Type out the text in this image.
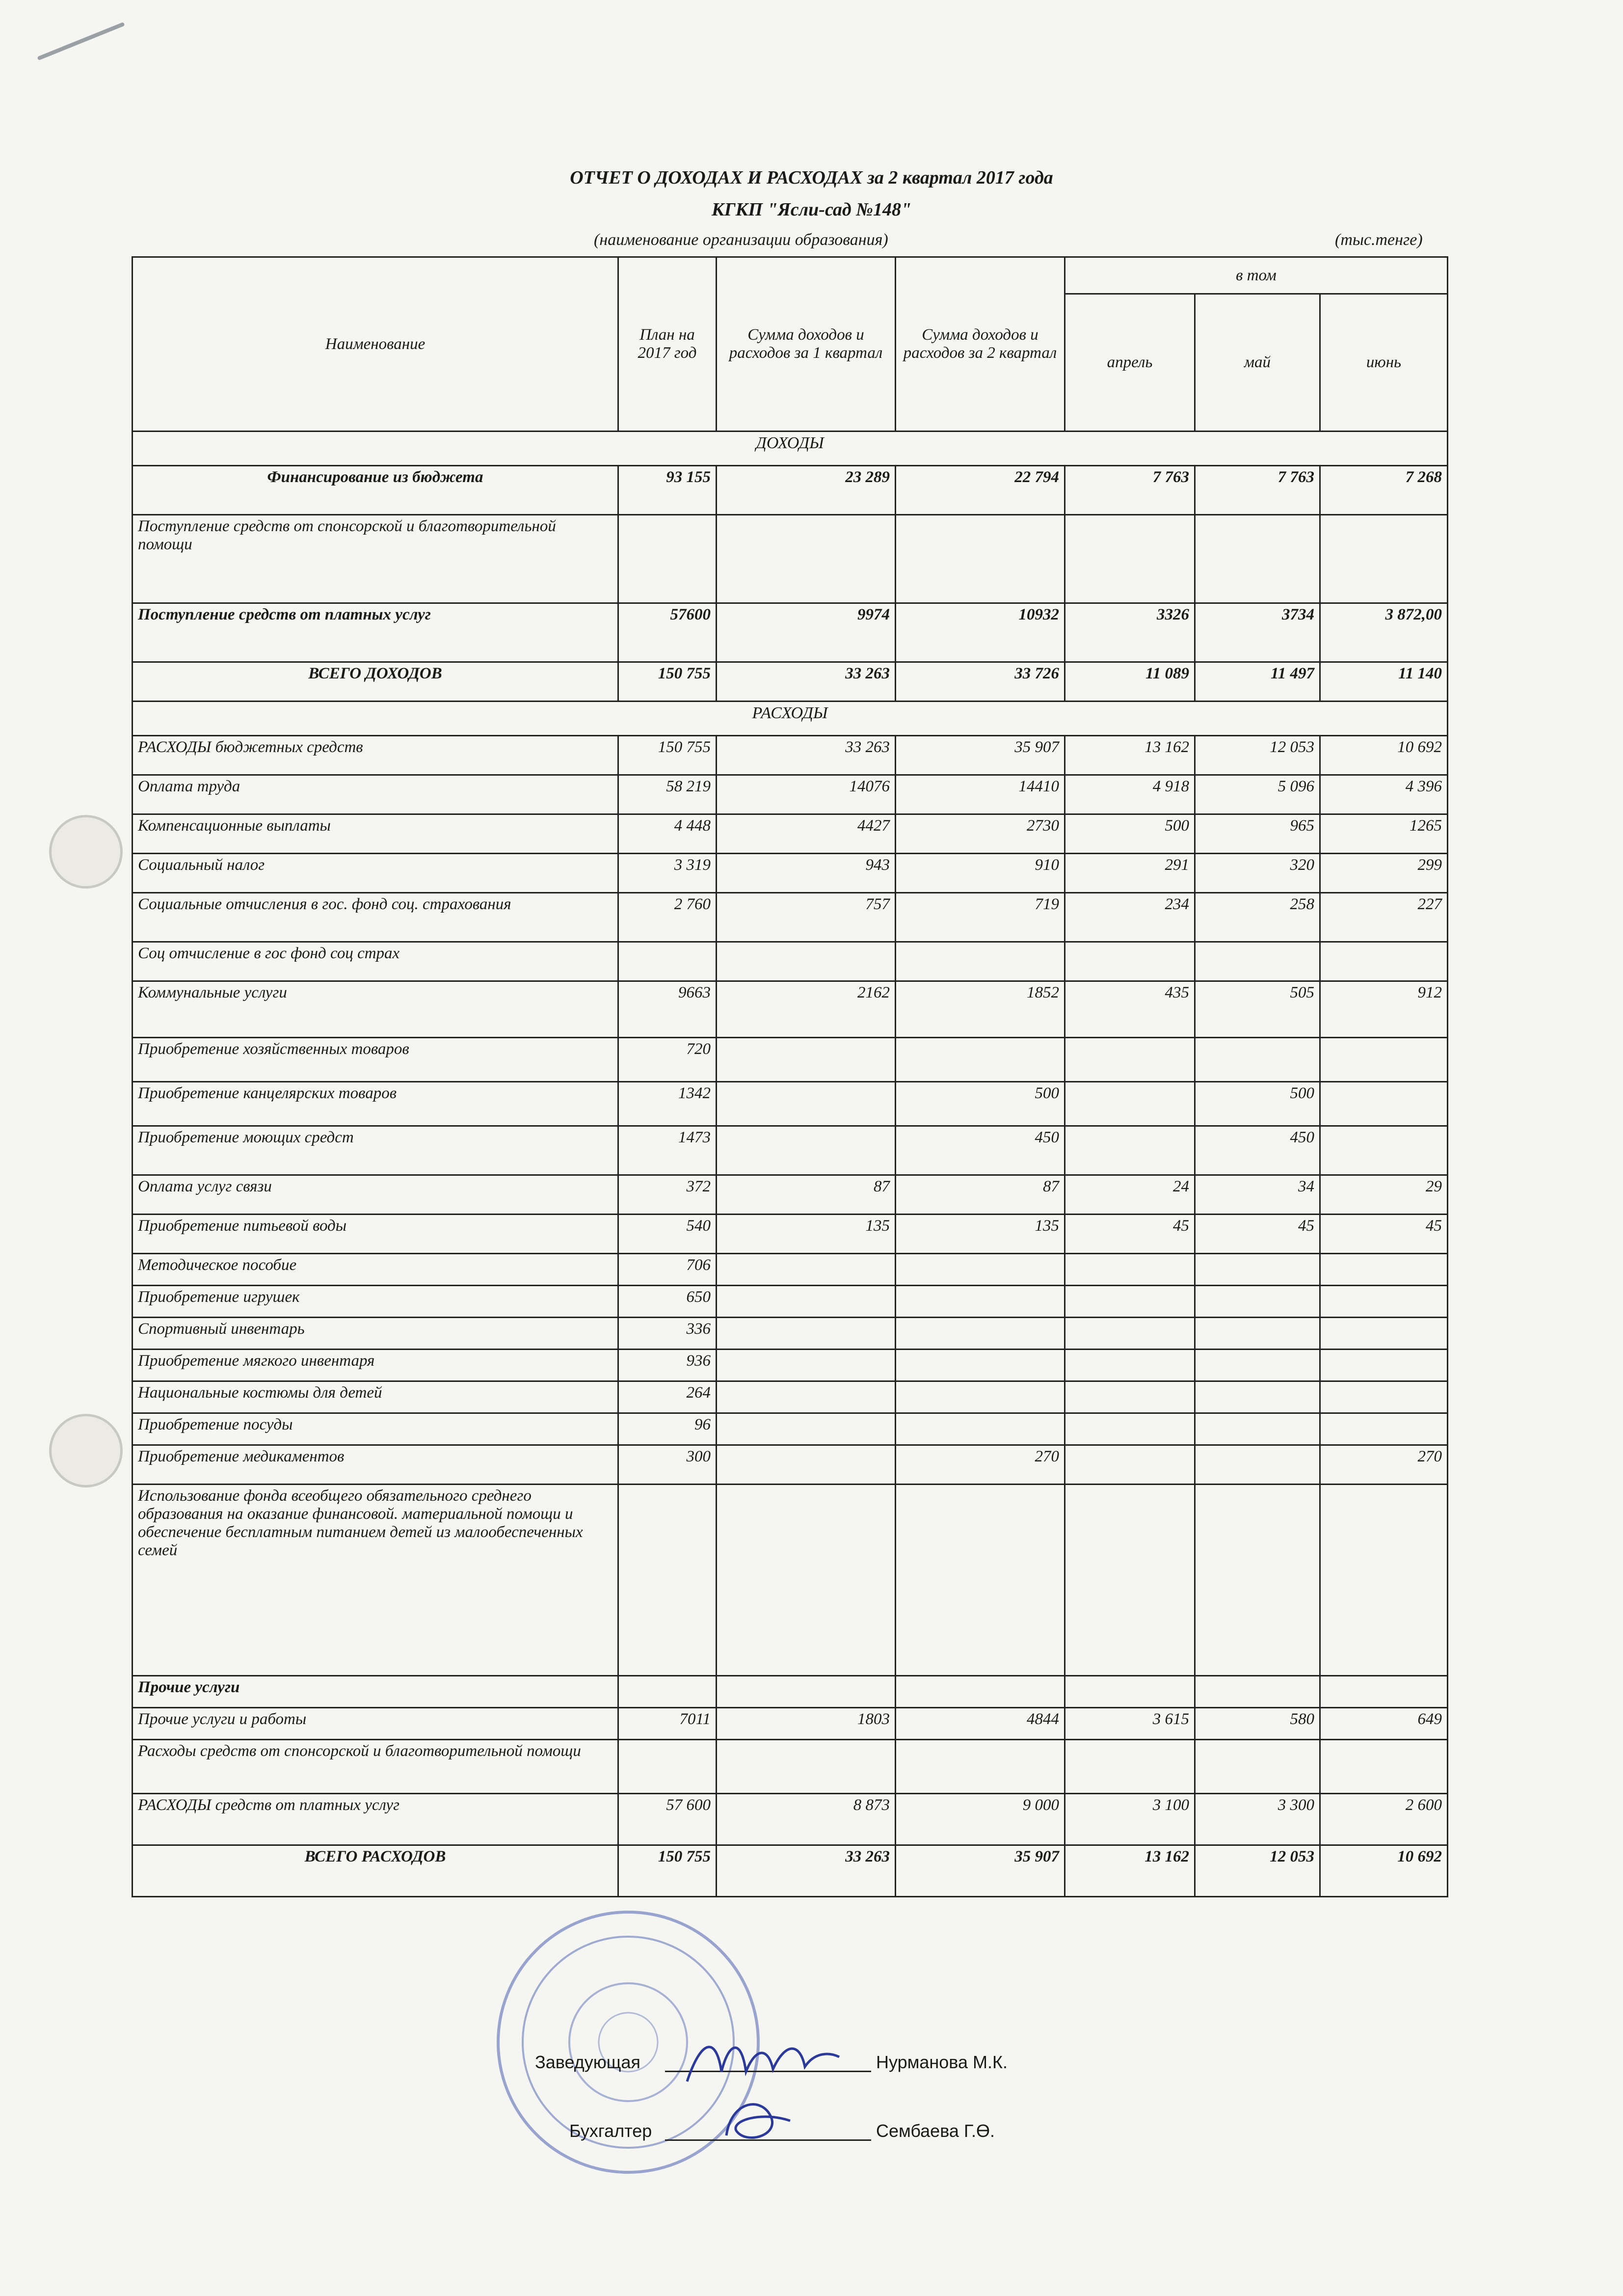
ОТЧЕТ О ДОХОДАХ И РАСХОДАХ за 2 квартал 2017 года
КГКП "Ясли-сад №148"
(наименование организации образования)	(тыс.тенге)
Наименование	План на 2017 год	Сумма доходов и расходов за 1 квартал	Сумма доходов и расходов за 2 квартал	в том		
				апрель	май	июнь
ДОХОДЫ						
Финансирование из бюджета	93 155	23 289	22 794	7 763	7 763	7 268
Поступление средств от спонсорской и благотворительной помощи						
Поступление средств от платных услуг	57600	9974	10932	3326	3734	3 872,00
ВСЕГО ДОХОДОВ	150 755	33 263	33 726	11 089	11 497	11 140
РАСХОДЫ						
РАСХОДЫ бюджетных средств	150 755	33 263	35 907	13 162	12 053	10 692
Оплата труда	58 219	14076	14410	4 918	5 096	4 396
Компенсационные выплаты	4 448	4427	2730	500	965	1265
Социальный налог	3 319	943	910	291	320	299
Социальные отчисления в гос. фонд соц. страхования	2 760	757	719	234	258	227
Соц отчисление в гос фонд соц страх						
Коммунальные услуги	9663	2162	1852	435	505	912
Приобретение хозяйственных товаров	720					
Приобретение канцелярских товаров	1342		500		500	
Приобретение моющих средст	1473		450		450	
Оплата услуг связи	372	87	87	24	34	29
Приобретение питьевой воды	540	135	135	45	45	45
Методическое пособие	706					
Приобретение игрушек	650					
Спортивный инвентарь	336					
Приобретение мягкого инвентаря	936					
Национальные костюмы для детей	264					
Приобретение посуды	96					
Приобретение медикаментов	300		270			270
Использование фонда всеобщего обязательного среднего образования на оказание финансовой. материальной помощи и обеспечение бесплатным питанием детей из малообеспеченных семей						
Прочие услуги						
Прочие услуги и работы	7011	1803	4844	3 615	580	649
Расходы средств от спонсорской и благотворительной помощи						
РАСХОДЫ средств от платных услуг	57 600	8 873	9 000	3 100	3 300	2 600
ВСЕГО РАСХОДОВ	150 755	33 263	35 907	13 162	12 053	10 692
Заведующая	Нурманова М.К.
Бухгалтер	Сембаева Г.Ө.
